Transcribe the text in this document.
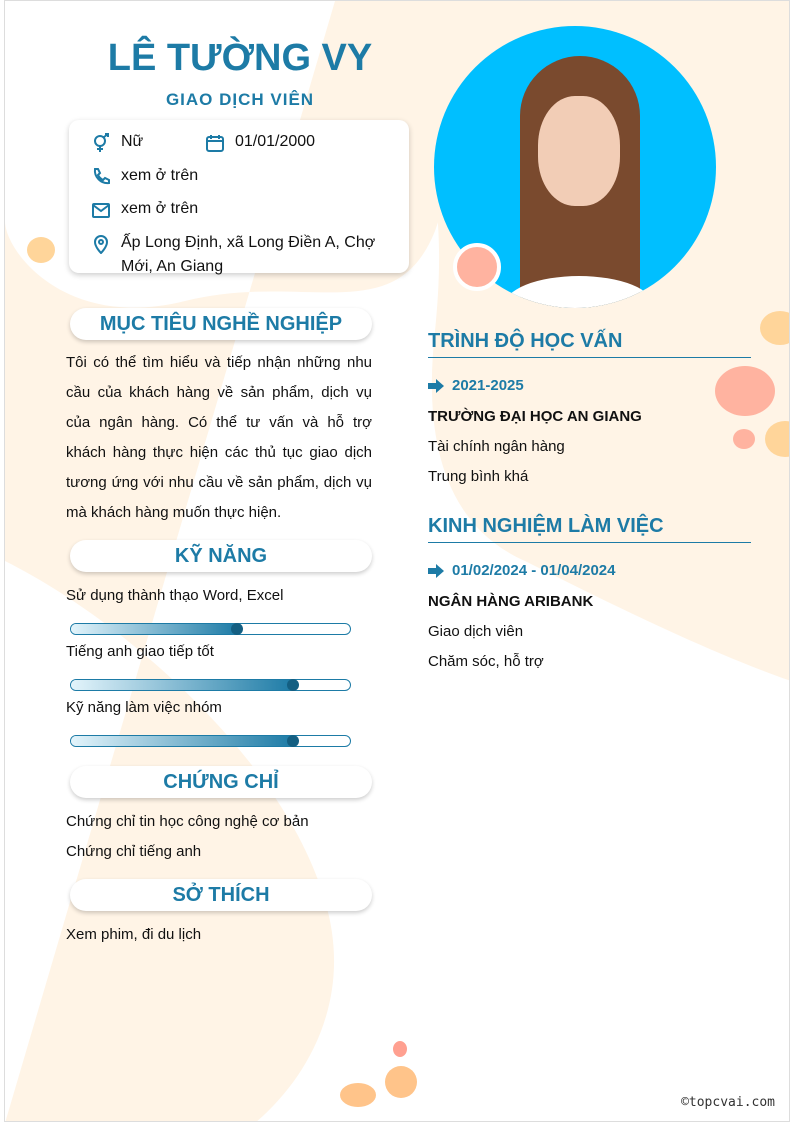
LÊ TƯỜNG VY
GIAO DỊCH VIÊN
Nữ	01/01/2000
xem ở trên
xem ở trên
Ấp Long Định, xã Long Điền A, Chợ Mới, An Giang
MỤC TIÊU NGHỀ NGHIỆP
Tôi có thể tìm hiểu và tiếp nhận những nhu cầu của khách hàng về sản phẩm, dịch vụ của ngân hàng. Có thể tư vấn và hỗ trợ khách hàng thực hiện các thủ tục giao dịch tương ứng với nhu cầu về sản phẩm, dịch vụ mà khách hàng muốn thực hiện.
KỸ NĂNG
Sử dụng thành thạo Word, Excel
Tiếng anh giao tiếp tốt
Kỹ năng làm việc nhóm
CHỨNG CHỈ
Chứng chỉ tin học công nghệ cơ bản
Chứng chỉ tiếng anh
SỞ THÍCH
Xem phim, đi du lịch
TRÌNH ĐỘ HỌC VẤN
2021-2025
TRƯỜNG ĐẠI HỌC AN GIANG
Tài chính ngân hàng
Trung bình khá
KINH NGHIỆM LÀM VIỆC
01/02/2024 - 01/04/2024
NGÂN HÀNG ARIBANK
Giao dịch viên
Chăm sóc, hỗ trợ
©topcvai.com
